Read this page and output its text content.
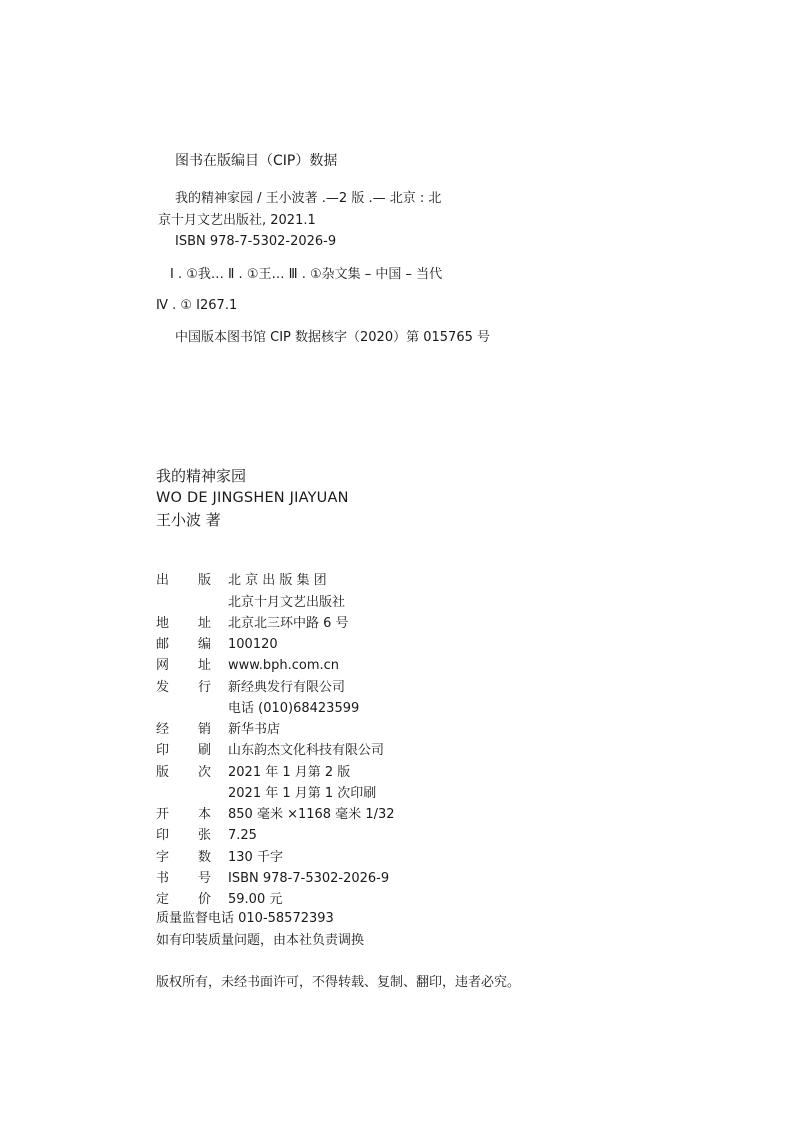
图书在版编目（CIP）数据
我的精神家园 / 王小波著 .—2 版 .— 北京 : 北
京十月文艺出版社, 2021.1
ISBN 978-7-5302-2026-9
Ⅰ . ①我… Ⅱ . ①王… Ⅲ . ①杂文集 – 中国 – 当代
Ⅳ . ① I267.1
中国版本图书馆 CIP 数据核字（2020）第 015765 号
我的精神家园
WO DE JINGSHEN JIAYUAN
王小波 著
出 版	北 京 出 版 集 团
北京十月文艺出版社
地 址	北京北三环中路 6 号
邮 编	100120
网 址	www.bph.com.cn
发 行	新经典发行有限公司
电话 (010)68423599
经 销	新华书店
印 刷	山东韵杰文化科技有限公司
版 次	2021 年 1 月第 2 版
2021 年 1 月第 1 次印刷
开 本	850 毫米 ×1168 毫米 1/32
印 张	7.25
字 数	130 千字
书 号	ISBN 978-7-5302-2026-9
定 价	59.00 元
质量监督电话 010-58572393
如有印装质量问题，由本社负责调换
版权所有，未经书面许可，不得转载、复制、翻印，违者必究。
